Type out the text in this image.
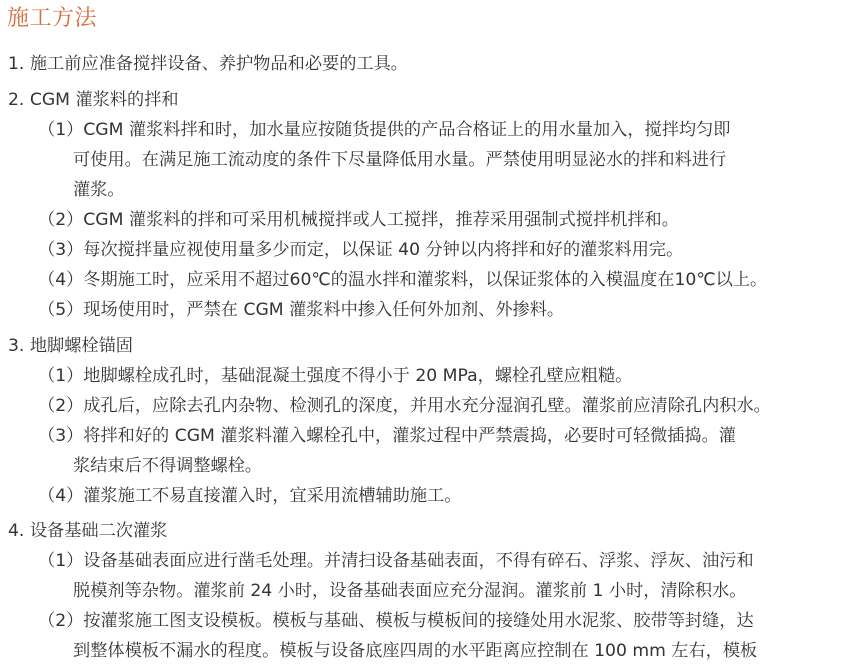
施工方法
1. 施工前应准备搅拌设备、养护物品和必要的工具。
2. CGM 灌浆料的拌和
（1）CGM 灌浆料拌和时，加水量应按随货提供的产品合格证上的用水量加入，搅拌均匀即
可使用。在满足施工流动度的条件下尽量降低用水量。严禁使用明显泌水的拌和料进行
灌浆。
（2）CGM 灌浆料的拌和可采用机械搅拌或人工搅拌，推荐采用强制式搅拌机拌和。
（3）每次搅拌量应视使用量多少而定，以保证 40 分钟以内将拌和好的灌浆料用完。
（4）冬期施工时，应采用不超过60℃的温水拌和灌浆料，以保证浆体的入模温度在10℃以上。
（5）现场使用时，严禁在 CGM 灌浆料中掺入任何外加剂、外掺料。
3. 地脚螺栓锚固
（1）地脚螺栓成孔时，基础混凝土强度不得小于 20 MPa，螺栓孔壁应粗糙。
（2）成孔后，应除去孔内杂物、检测孔的深度，并用水充分湿润孔壁。灌浆前应清除孔内积水。
（3）将拌和好的 CGM 灌浆料灌入螺栓孔中，灌浆过程中严禁震捣，必要时可轻微插捣。灌
浆结束后不得调整螺栓。
（4）灌浆施工不易直接灌入时，宜采用流槽辅助施工。
4. 设备基础二次灌浆
（1）设备基础表面应进行凿毛处理。并清扫设备基础表面，不得有碎石、浮浆、浮灰、油污和
脱模剂等杂物。灌浆前 24 小时，设备基础表面应充分湿润。灌浆前 1 小时，清除积水。
（2）按灌浆施工图支设模板。模板与基础、模板与模板间的接缝处用水泥浆、胶带等封缝，达
到整体模板不漏水的程度。模板与设备底座四周的水平距离应控制在 100 mm 左右，模板
